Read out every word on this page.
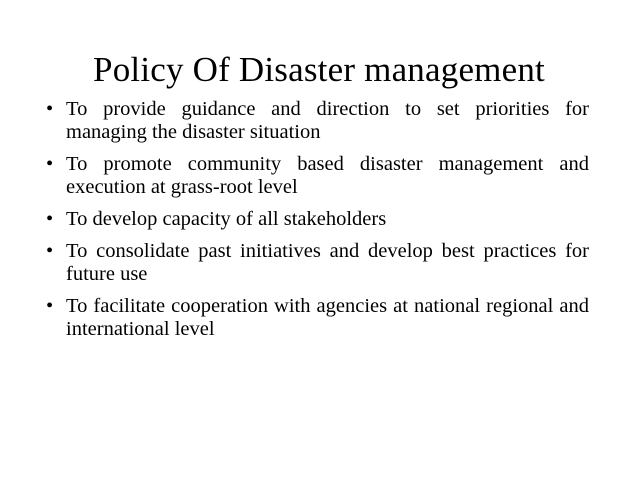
Policy Of Disaster management
• To provide guidance and direction to set priorities for managing the disaster situation
• To promote community based disaster management and execution at grass-root level
• To develop capacity of all stakeholders
• To consolidate past initiatives and develop best practices for future use
• To facilitate cooperation with agencies at national regional and international level
